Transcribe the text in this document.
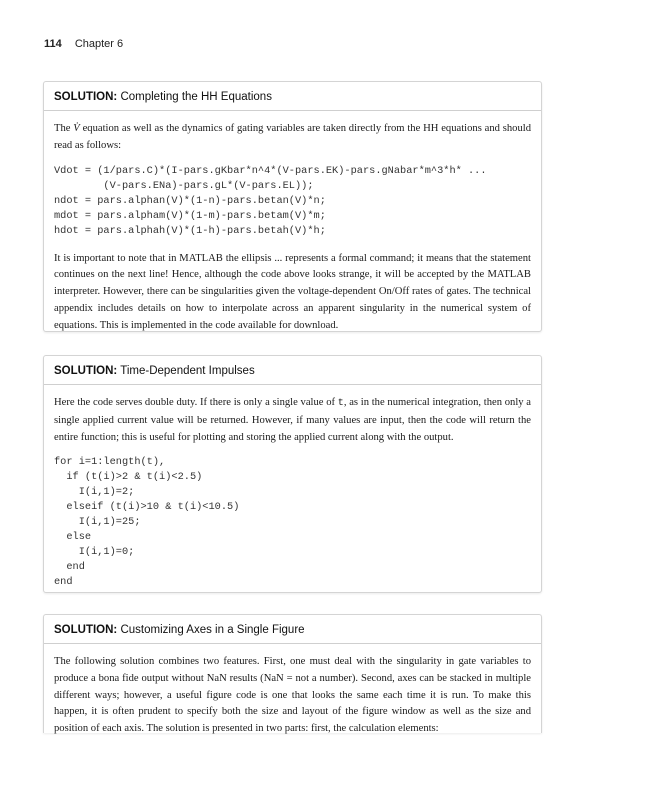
114 Chapter 6
SOLUTION: Completing the HH Equations

The V̇ equation as well as the dynamics of gating variables are taken directly from the HH equations and should read as follows:

Vdot = (1/pars.C)*(I-pars.gKbar*n^4*(V-pars.EK)-pars.gNabar*m^3*h* ...
(V-pars.ENa)-pars.gL*(V-pars.EL));
ndot = pars.alphan(V)*(1-n)-pars.betan(V)*n;
mdot = pars.alpham(V)*(1-m)-pars.betam(V)*m;
hdot = pars.alphah(V)*(1-h)-pars.betah(V)*h;

It is important to note that in MATLAB the ellipsis ... represents a formal command; it means that the statement continues on the next line! Hence, although the code above looks strange, it will be accepted by the MATLAB interpreter. However, there can be singularities given the voltage-dependent On/Off rates of gates. The technical appendix includes details on how to interpolate across an apparent singularity in the numerical system of equations. This is implemented in the code available for download.

SOLUTION: Time-Dependent Impulses

Here the code serves double duty. If there is only a single value of t, as in the numerical integration, then only a single applied current value will be returned. However, if many values are input, then the code will return the entire function; this is useful for plotting and storing the applied current along with the output.

for i=1:length(t),
if (t(i)>2 & t(i)<2.5)
I(i,1)=2;
elseif (t(i)>10 & t(i)<10.5)
I(i,1)=25;
else
I(i,1)=0;
end
end
SOLUTION: Customizing Axes in a Single Figure

The following solution combines two features. First, one must deal with the singularity in gate variables to produce a bona fide output without NaN results (NaN = not a number). Second, axes can be stacked in multiple different ways; however, a useful figure code is one that looks the same each time it is run. To make this happen, it is often prudent to specify both the size and layout of the figure window as well as the size and position of each axis. The solution is presented in two parts: first, the calculation elements:
